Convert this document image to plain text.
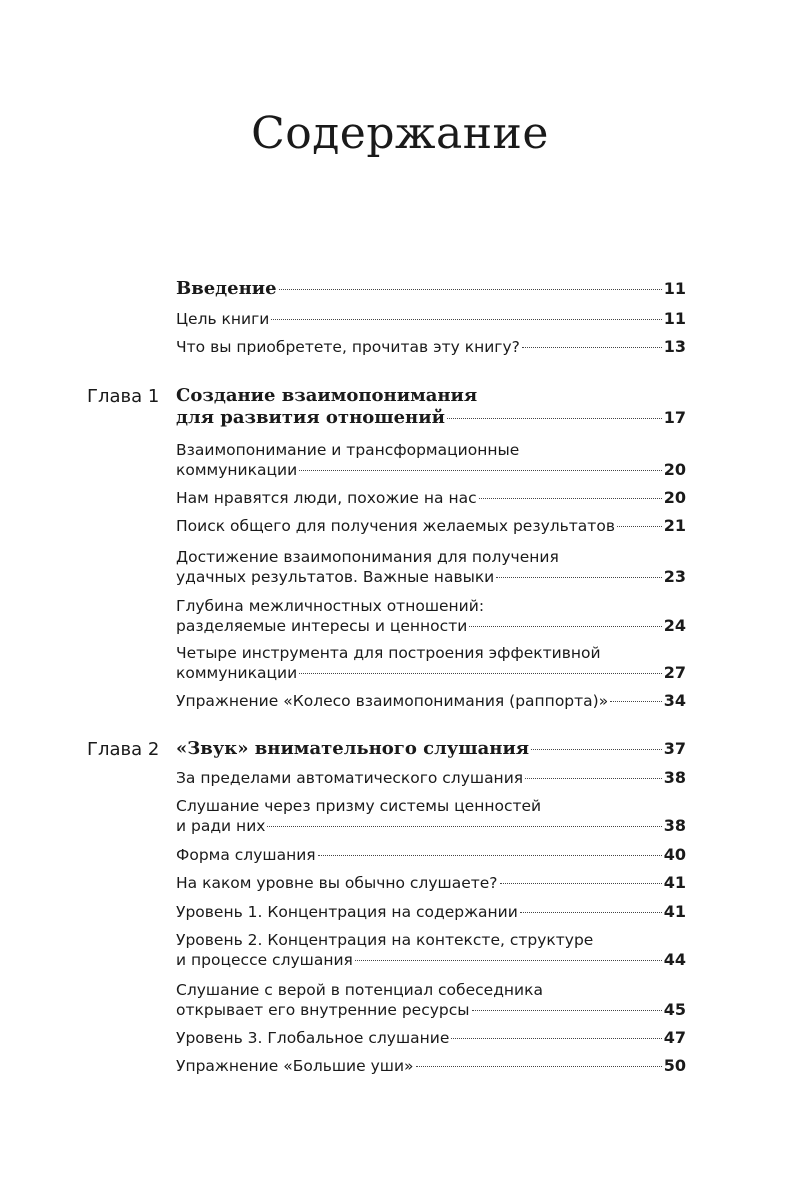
Содержание
Введение	11
Цель книги	11
Что вы приобретете, прочитав эту книгу?	13
Глава 1 Создание взаимопонимания
для развития отношений	17
Взаимопонимание и трансформационные
коммуникации	20
Нам нравятся люди, похожие на нас	20
Поиск общего для получения желаемых результатов	21
Достижение взаимопонимания для получения
удачных результатов. Важные навыки	23
Глубина межличностных отношений:
разделяемые интересы и ценности	24
Четыре инструмента для построения эффективной
коммуникации	27
Упражнение «Колесо взаимопонимания (раппорта)»	34
Глава 2 «Звук» внимательного слушания	37
За пределами автоматического слушания	38
Слушание через призму системы ценностей
и ради них	38
Форма слушания	40
На каком уровне вы обычно слушаете?	41
Уровень 1. Концентрация на содержании	41
Уровень 2. Концентрация на контексте, структуре
и процессе слушания	44
Слушание с верой в потенциал собеседника
открывает его внутренние ресурсы	45
Уровень 3. Глобальное слушание	47
Упражнение «Большие уши»	50
